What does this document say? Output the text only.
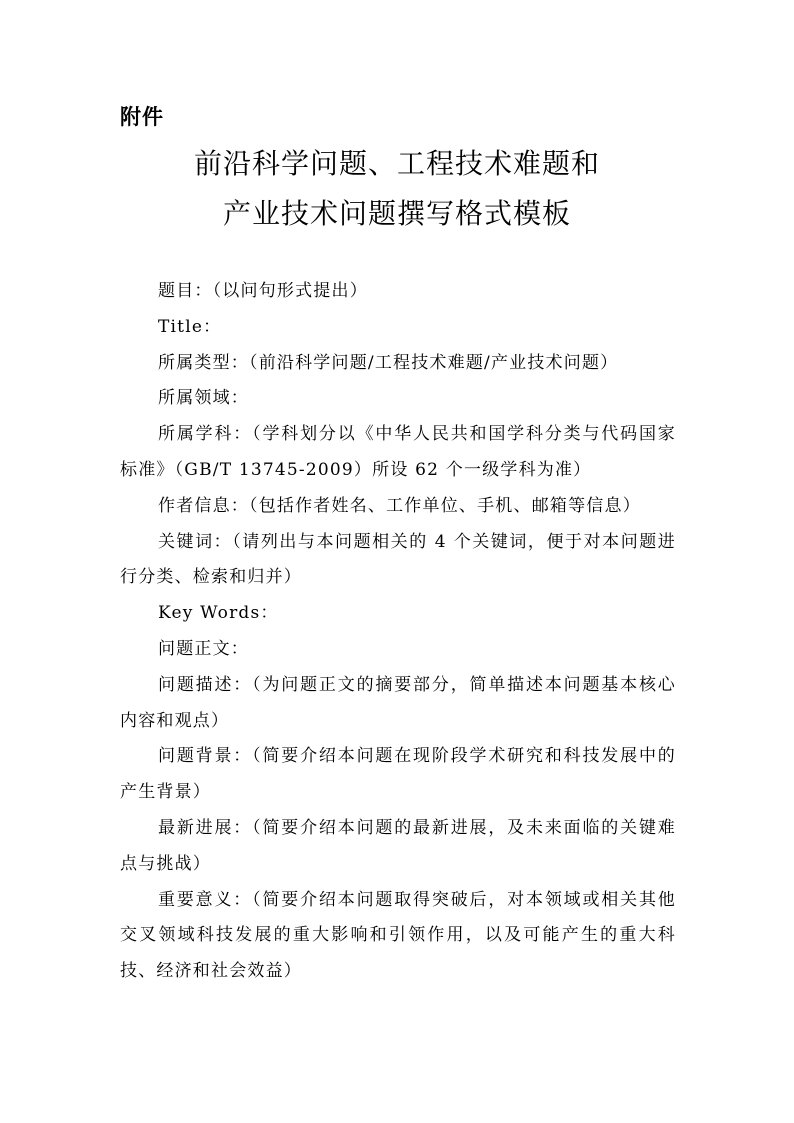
附件
前沿科学问题、工程技术难题和
产业技术问题撰写格式模板

题目：（以问句形式提出）

Title：

所属类型：（前沿科学问题/工程技术难题/产业技术问题）

所属领域：

所属学科：（学科划分以《中华人民共和国学科分类与代码国家标准》（GB/T 13745-2009）所设 62 个一级学科为准）

作者信息：（包括作者姓名、工作单位、手机、邮箱等信息）

关键词：（请列出与本问题相关的 4 个关键词，便于对本问题进行分类、检索和归并）

Key Words：

问题正文：

问题描述：（为问题正文的摘要部分，简单描述本问题基本核心内容和观点）

问题背景：（简要介绍本问题在现阶段学术研究和科技发展中的产生背景）

最新进展：（简要介绍本问题的最新进展，及未来面临的关键难点与挑战）

重要意义：（简要介绍本问题取得突破后，对本领域或相关其他交叉领域科技发展的重大影响和引领作用，以及可能产生的重大科技、经济和社会效益）
